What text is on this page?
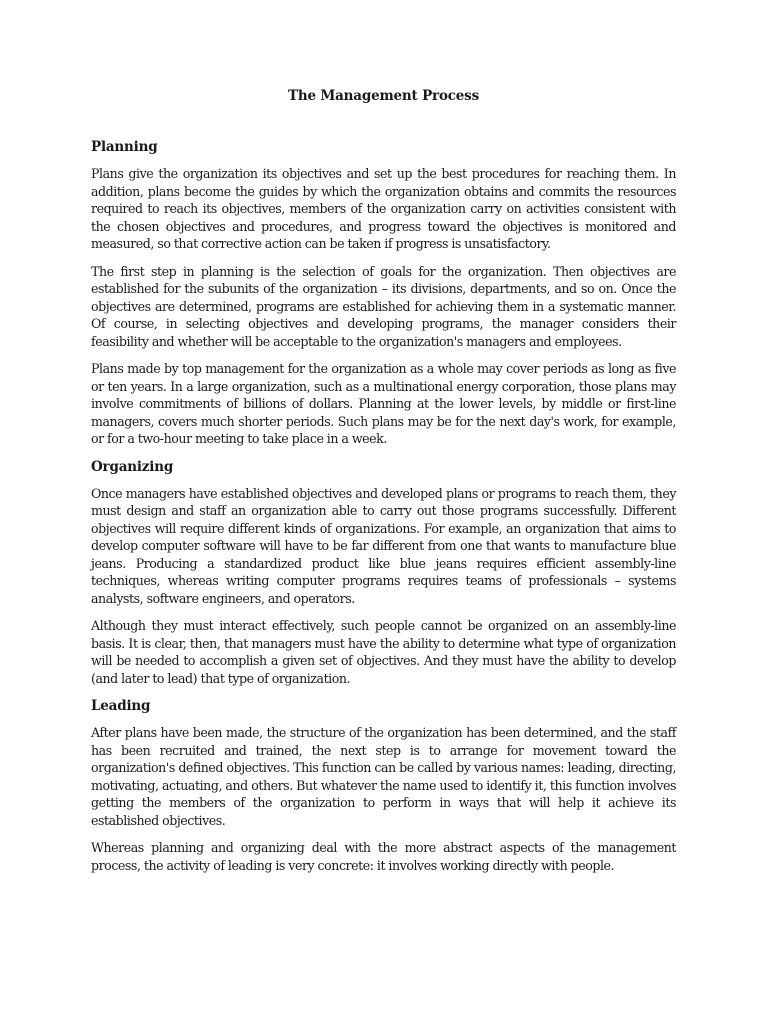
The Management Process
Planning

Plans give the organization its objectives and set up the best procedures for reaching them. In addition, plans become the guides by which the organization obtains and commits the resources required to reach its objectives, members of the organization carry on activities consistent with the chosen objectives and procedures, and progress toward the objectives is monitored and measured, so that corrective action can be taken if progress is unsatisfactory.

The first step in planning is the selection of goals for the organization. Then objectives are established for the subunits of the organization – its divisions, departments, and so on. Once the objectives are determined, programs are established for achieving them in a systematic manner. Of course, in selecting objectives and developing programs, the manager considers their feasibility and whether will be acceptable to the organization's managers and employees.

Plans made by top management for the organization as a whole may cover periods as long as five or ten years. In a large organization, such as a multinational energy corporation, those plans may involve commitments of billions of dollars. Planning at the lower levels, by middle or first-line managers, covers much shorter periods. Such plans may be for the next day's work, for example, or for a two-hour meeting to take place in a week.

Organizing

Once managers have established objectives and developed plans or programs to reach them, they must design and staff an organization able to carry out those programs successfully. Different objectives will require different kinds of organizations. For example, an organization that aims to develop computer software will have to be far different from one that wants to manufacture blue jeans. Producing a standardized product like blue jeans requires efficient assembly-line techniques, whereas writing computer programs requires teams of professionals – systems analysts, software engineers, and operators.

Although they must interact effectively, such people cannot be organized on an assembly-line basis. It is clear, then, that managers must have the ability to determine what type of organization will be needed to accomplish a given set of objectives. And they must have the ability to develop (and later to lead) that type of organization.

Leading

After plans have been made, the structure of the organization has been determined, and the staff has been recruited and trained, the next step is to arrange for movement toward the organization's defined objectives. This function can be called by various names: leading, directing, motivating, actuating, and others. But whatever the name used to identify it, this function involves getting the members of the organization to perform in ways that will help it achieve its established objectives.

Whereas planning and organizing deal with the more abstract aspects of the management process, the activity of leading is very concrete: it involves working directly with people.
